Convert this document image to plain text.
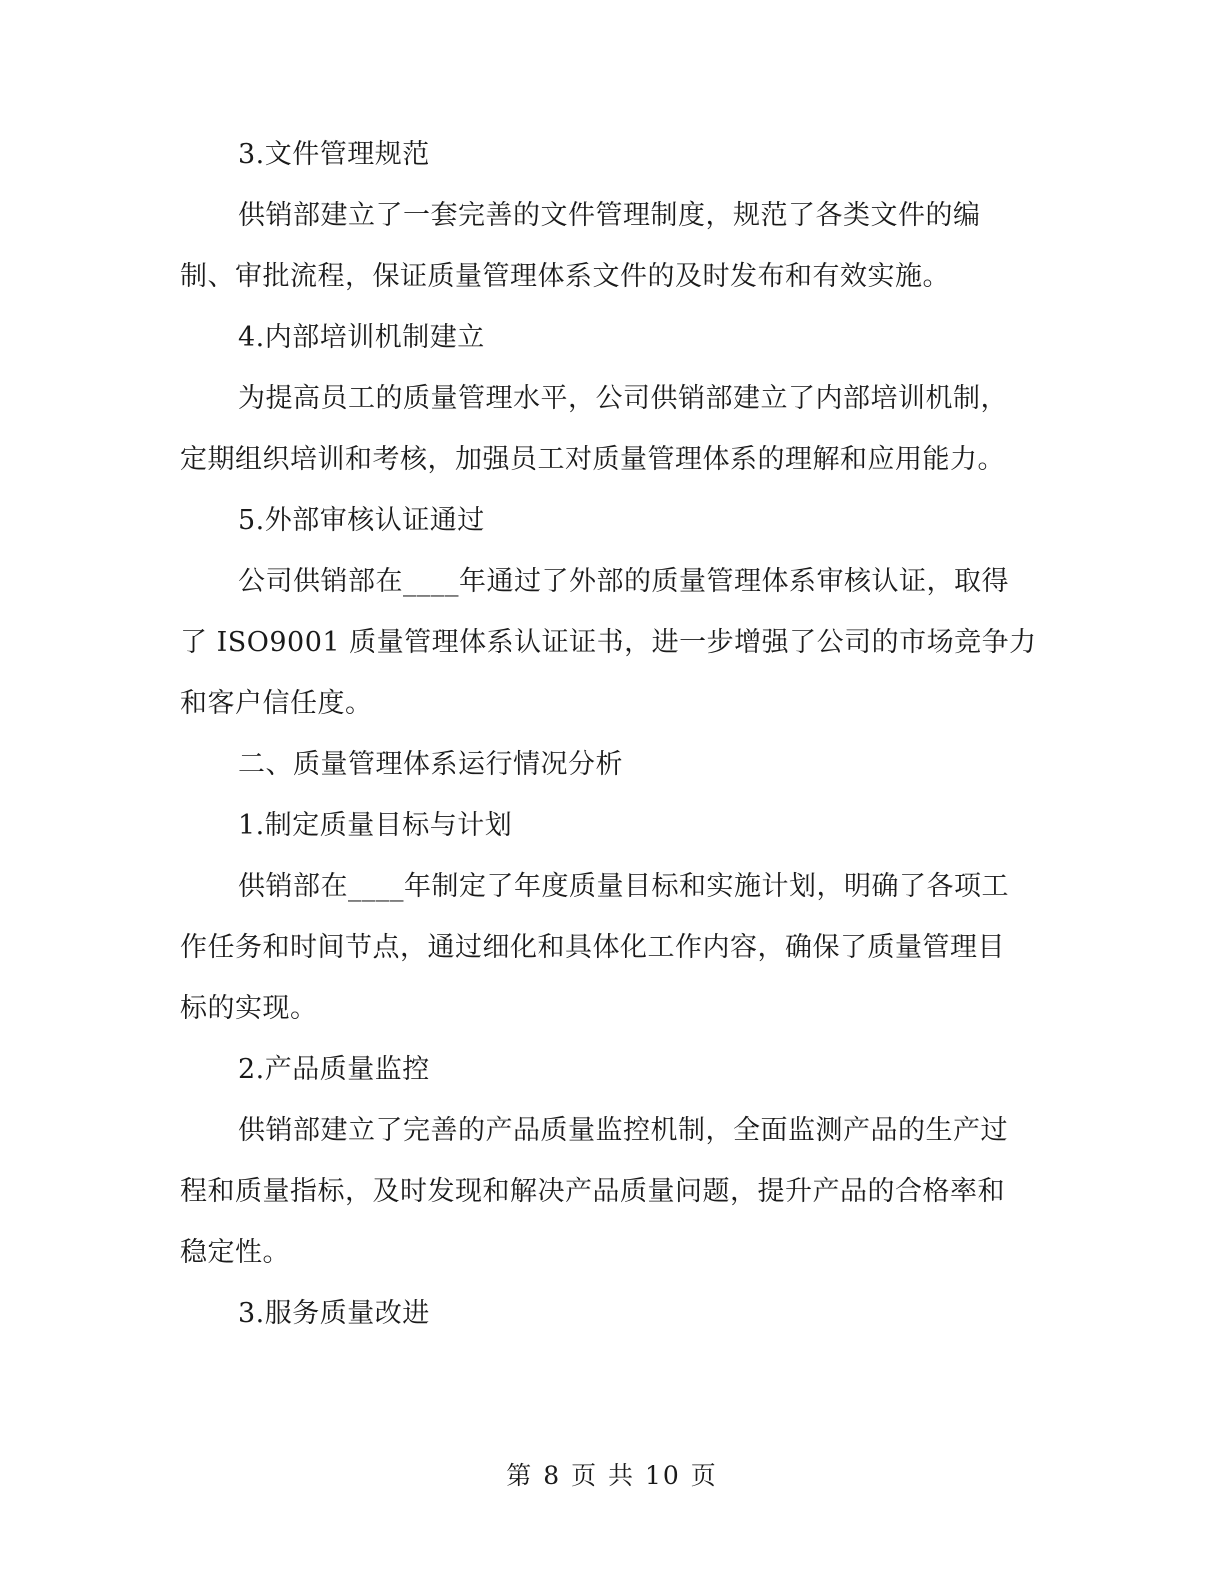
3.文件管理规范
供销部建立了一套完善的文件管理制度，规范了各类文件的编
制、审批流程，保证质量管理体系文件的及时发布和有效实施。
4.内部培训机制建立
为提高员工的质量管理水平，公司供销部建立了内部培训机制，
定期组织培训和考核，加强员工对质量管理体系的理解和应用能力。
5.外部审核认证通过
公司供销部在____年通过了外部的质量管理体系审核认证，取得
了 ISO9001 质量管理体系认证证书，进一步增强了公司的市场竞争力
和客户信任度。
二、质量管理体系运行情况分析
1.制定质量目标与计划
供销部在____年制定了年度质量目标和实施计划，明确了各项工
作任务和时间节点，通过细化和具体化工作内容，确保了质量管理目
标的实现。
2.产品质量监控
供销部建立了完善的产品质量监控机制，全面监测产品的生产过
程和质量指标，及时发现和解决产品质量问题，提升产品的合格率和
稳定性。
3.服务质量改进
第 8 页 共 10 页
